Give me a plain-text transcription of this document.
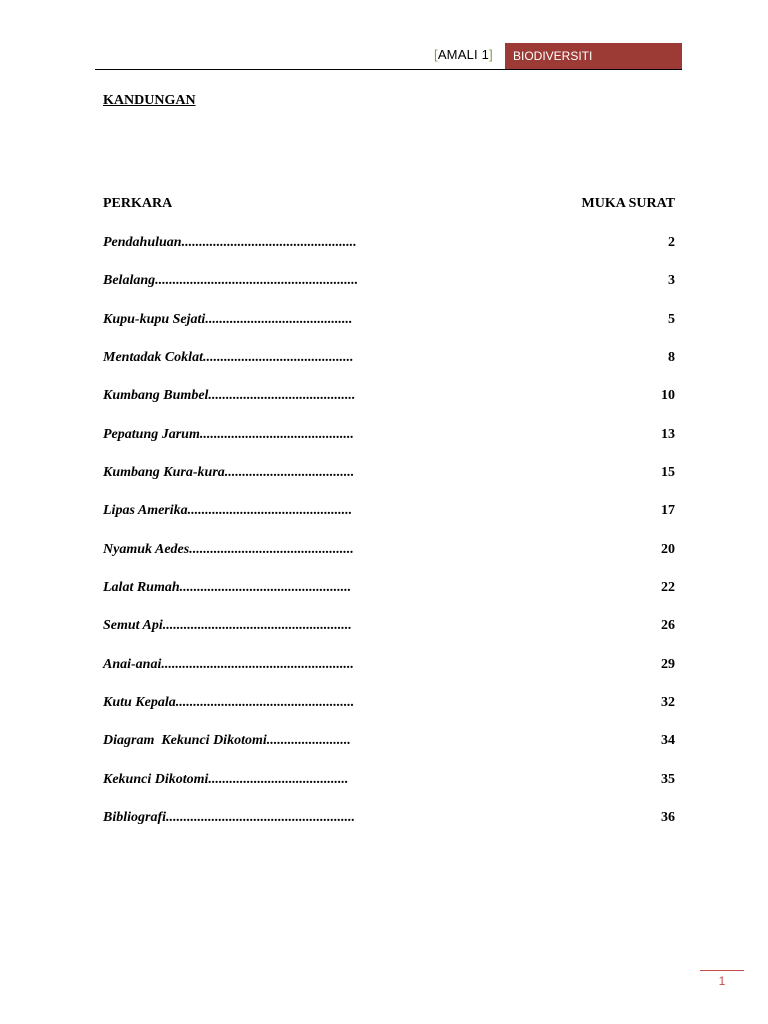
[AMALI 1]	BIODIVERSITI
KANDUNGAN
PERKARA	MUKA SURAT
Pendahuluan..................................................	2
Belalang..........................................................	3
Kupu-kupu Sejati..........................................	5
Mentadak Coklat...........................................	8
Kumbang Bumbel..........................................	10
Pepatung Jarum............................................	13
Kumbang Kura-kura.....................................	15
Lipas Amerika...............................................	17
Nyamuk Aedes...............................................	20
Lalat Rumah.................................................	22
Semut Api......................................................	26
Anai-anai.......................................................	29
Kutu Kepala...................................................	32
Diagram  Kekunci Dikotomi........................	34
Kekunci Dikotomi........................................	35
Bibliografi......................................................	36
1
